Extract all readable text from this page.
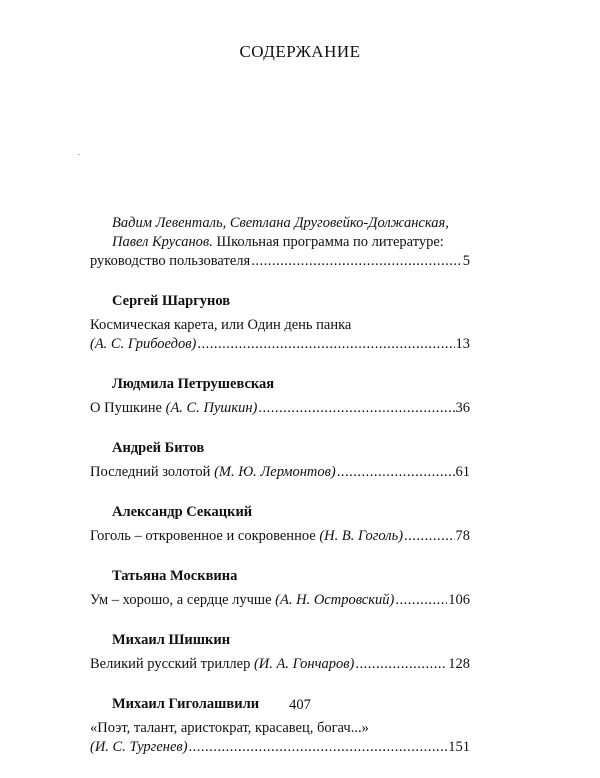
СОДЕРЖАНИЕ
Вадим Левенталь, Светлана Друговейко-Должанская,
Павел Крусанов. Школьная программа по литературе:
руководство пользователя .....	5
Сергей Шаргунов
Космическая карета, или Один день панка
(А. С. Грибоедов) .....	13
Людмила Петрушевская
О Пушкине (А. С. Пушкин) .....	36
Андрей Битов
Последний золотой (М. Ю. Лермонтов) .....	61
Александр Секацкий
Гоголь – откровенное и сокровенное (Н. В. Гоголь) .....	78
Татьяна Москвина
Ум – хорошо, а сердце лучше (А. Н. Островский) .....	106
Михаил Шишкин
Великий русский триллер (И. А. Гончаров) .....	128
Михаил Гиголашвили
«Поэт, талант, аристократ, красавец, богач...»
(И. С. Тургенев) .....	151
407
